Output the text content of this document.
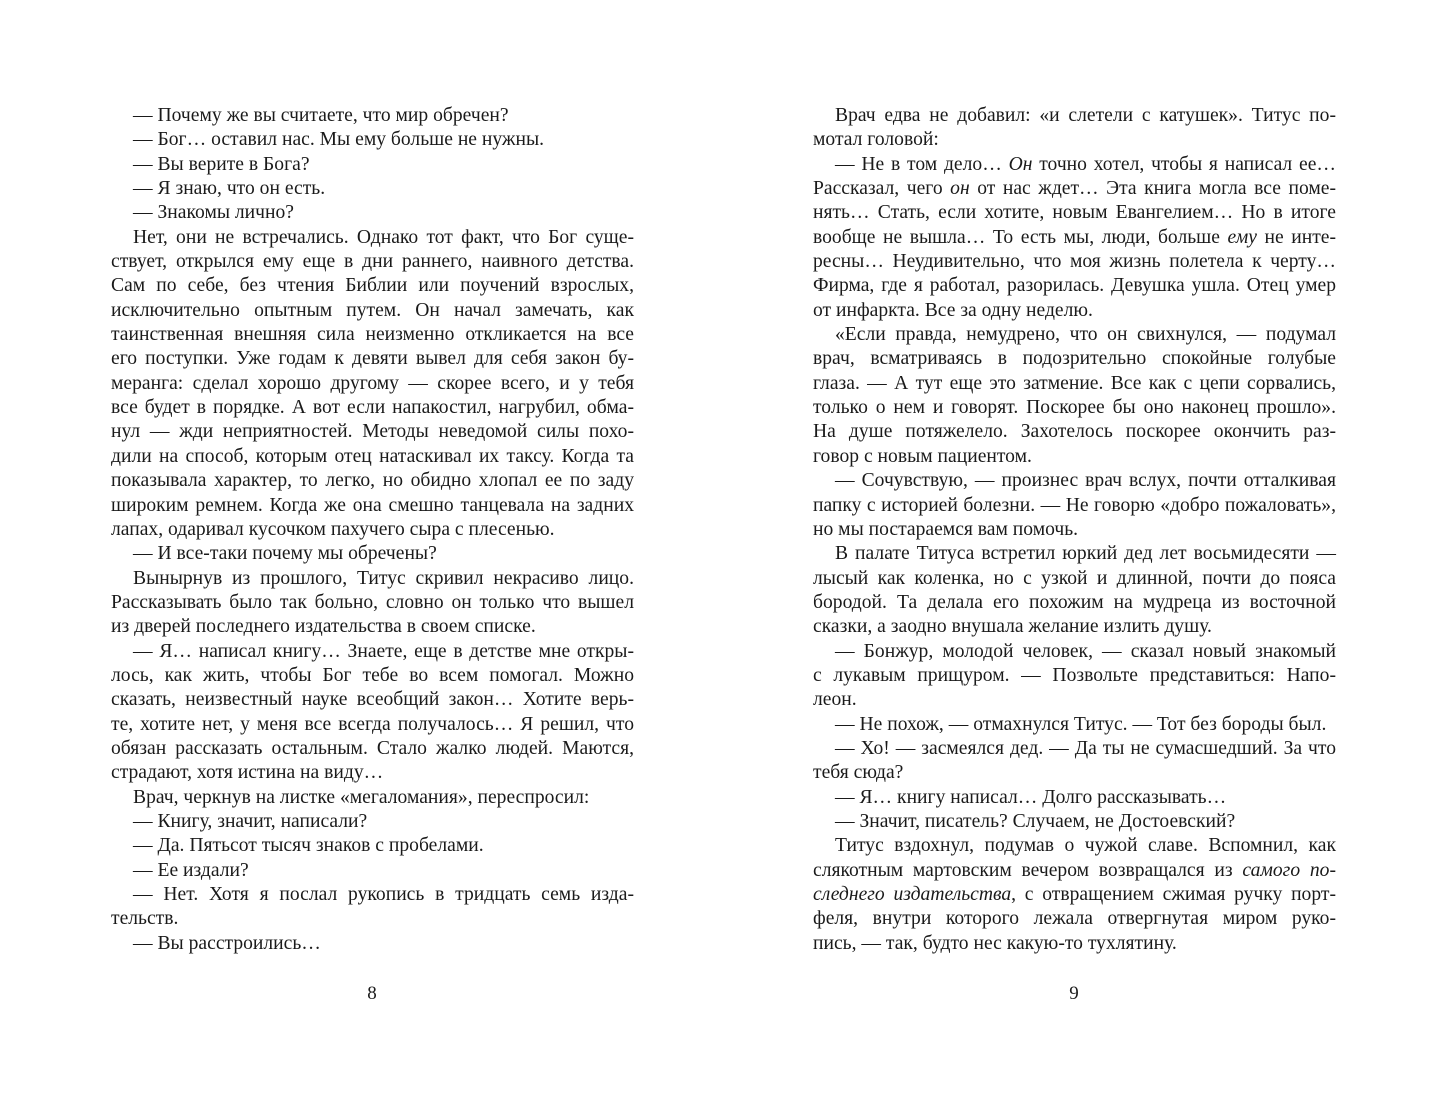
— Почему же вы считаете, что мир обречен?
— Бог… оставил нас. Мы ему больше не нужны.
— Вы верите в Бога?
— Я знаю, что он есть.
— Знакомы лично?
Нет, они не встречались. Однако тот факт, что Бог суще-
ствует, открылся ему еще в дни раннего, наивного детства.
Сам по себе, без чтения Библии или поучений взрослых,
исключительно опытным путем. Он начал замечать, как
таинственная внешняя сила неизменно откликается на все
его поступки. Уже годам к девяти вывел для себя закон бу-
меранга: сделал хорошо другому — скорее всего, и у тебя
все будет в порядке. А вот если напакостил, нагрубил, обма-
нул — жди неприятностей. Методы неведомой силы похо-
дили на способ, которым отец натаскивал их таксу. Когда та
показывала характер, то легко, но обидно хлопал ее по заду
широким ремнем. Когда же она смешно танцевала на задних
лапах, одаривал кусочком пахучего сыра с плесенью.
— И все-таки почему мы обречены?
Вынырнув из прошлого, Титус скривил некрасиво лицо.
Рассказывать было так больно, словно он только что вышел
из дверей последнего издательства в своем списке.
— Я… написал книгу… Знаете, еще в детстве мне откры-
лось, как жить, чтобы Бог тебе во всем помогал. Можно
сказать, неизвестный науке всеобщий закон… Хотите верь-
те, хотите нет, у меня все всегда получалось… Я решил, что
обязан рассказать остальным. Стало жалко людей. Маются,
страдают, хотя истина на виду…
Врач, черкнув на листке «мегаломания», переспросил:
— Книгу, значит, написали?
— Да. Пятьсот тысяч знаков с пробелами.
— Ее издали?
— Нет. Хотя я послал рукопись в тридцать семь изда-
тельств.
— Вы расстроились…
8
Врач едва не добавил: «и слетели с катушек». Титус по-
мотал головой:
— Не в том дело… Он точно хотел, чтобы я написал ее…
Рассказал, чего он от нас ждет… Эта книга могла все поме-
нять… Стать, если хотите, новым Евангелием… Но в итоге
вообще не вышла… То есть мы, люди, больше ему не инте-
ресны… Неудивительно, что моя жизнь полетела к черту…
Фирма, где я работал, разорилась. Девушка ушла. Отец умер
от инфаркта. Все за одну неделю.
«Если правда, немудрено, что он свихнулся, — подумал
врач, всматриваясь в подозрительно спокойные голубые
глаза. — А тут еще это затмение. Все как с цепи сорвались,
только о нем и говорят. Поскорее бы оно наконец прошло».
На душе потяжелело. Захотелось поскорее окончить раз-
говор с новым пациентом.
— Сочувствую, — произнес врач вслух, почти отталкивая
папку с историей болезни. — Не говорю «добро пожаловать»,
но мы постараемся вам помочь.
В палате Титуса встретил юркий дед лет восьмидесяти —
лысый как коленка, но с узкой и длинной, почти до пояса
бородой. Та делала его похожим на мудреца из восточной
сказки, а заодно внушала желание излить душу.
— Бонжур, молодой человек, — сказал новый знакомый
с лукавым прищуром. — Позвольте представиться: Напо-
леон.
— Не похож, — отмахнулся Титус. — Тот без бороды был.
— Хо! — засмеялся дед. — Да ты не сумасшедший. За что
тебя сюда?
— Я… книгу написал… Долго рассказывать…
— Значит, писатель? Случаем, не Достоевский?
Титус вздохнул, подумав о чужой славе. Вспомнил, как
слякотным мартовским вечером возвращался из самого по-
следнего издательства, с отвращением сжимая ручку порт-
феля, внутри которого лежала отвергнутая миром руко-
пись, — так, будто нес какую-то тухлятину.
9
